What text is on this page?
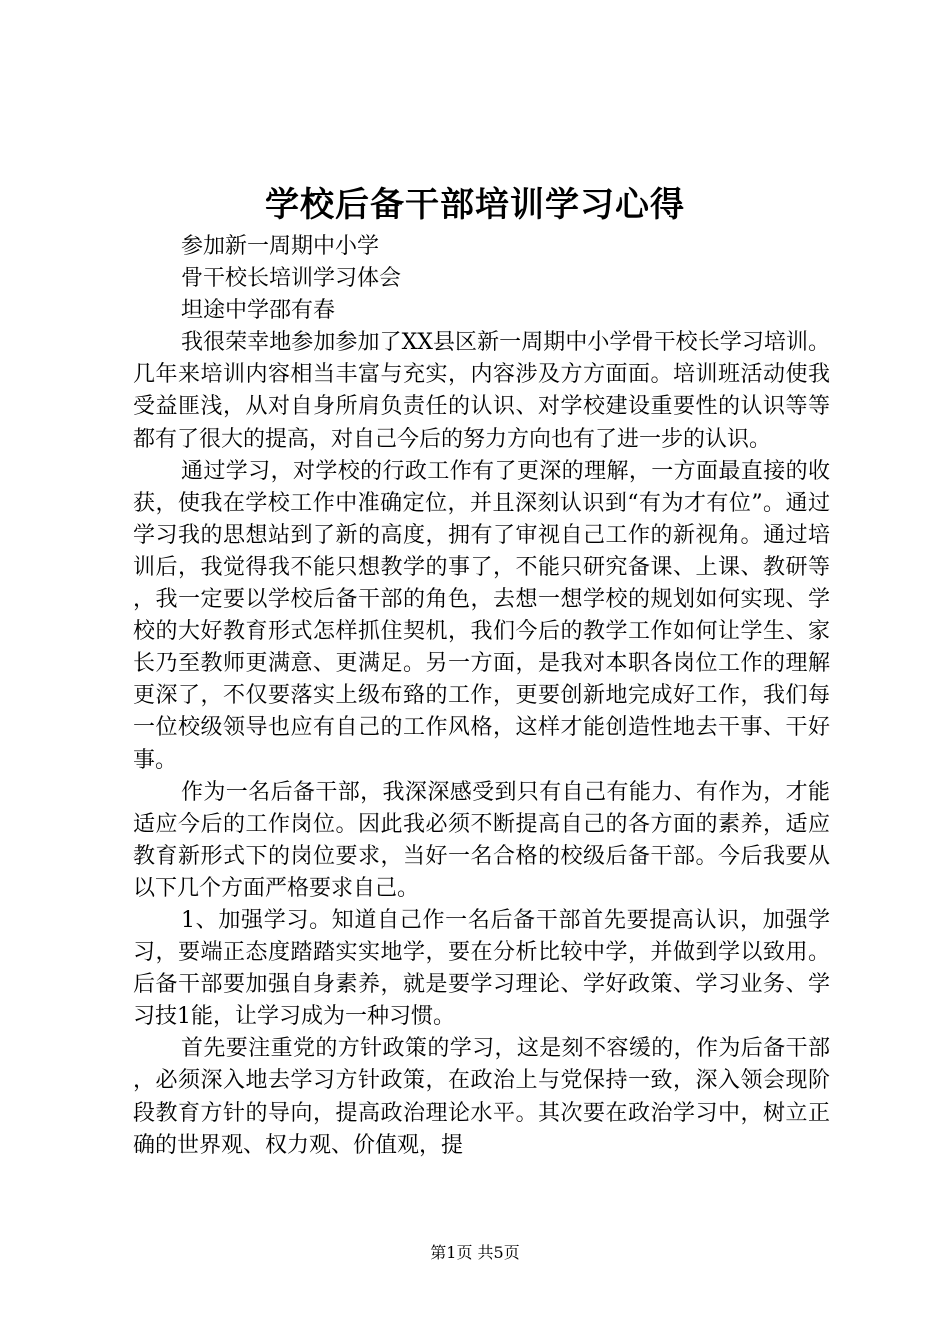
学校后备干部培训学习心得

参加新一周期中小学

骨干校长培训学习体会

坦途中学邵有春

我很荣幸地参加参加了XX县区新一周期中小学骨干校长学习培训。几年来培训内容相当丰富与充实，内容涉及方方面面。培训班活动使我受益匪浅，从对自身所肩负责任的认识、对学校建设重要性的认识等等都有了很大的提高，对自己今后的努力方向也有了进一步的认识。

通过学习，对学校的行政工作有了更深的理解，一方面最直接的收获，使我在学校工作中准确定位，并且深刻认识到“有为才有位”。通过学习我的思想站到了新的高度，拥有了审视自己工作的新视角。通过培训后，我觉得我不能只想教学的事了，不能只研究备课、上课、教研等，我一定要以学校后备干部的角色，去想一想学校的规划如何实现、学校的大好教育形式怎样抓住契机，我们今后的教学工作如何让学生、家长乃至教师更满意、更满足。另一方面，是我对本职各岗位工作的理解更深了，不仅要落实上级布臵的工作，更要创新地完成好工作，我们每一位校级领导也应有自己的工作风格，这样才能创造性地去干事、干好事。

作为一名后备干部，我深深感受到只有自己有能力、有作为，才能适应今后的工作岗位。因此我必须不断提高自己的各方面的素养，适应教育新形式下的岗位要求，当好一名合格的校级后备干部。今后我要从以下几个方面严格要求自己。

1、加强学习。知道自己作一名后备干部首先要提高认识，加强学习，要端正态度踏踏实实地学，要在分析比较中学，并做到学以致用。后备干部要加强自身素养，就是要学习理论、学好政策、学习业务、学习技1能，让学习成为一种习惯。

首先要注重党的方针政策的学习，这是刻不容缓的，作为后备干部，必须深入地去学习方针政策，在政治上与党保持一致，深入领会现阶段教育方针的导向，提高政治理论水平。其次要在政治学习中，树立正确的世界观、权力观、价值观，提

第1页 共5页
